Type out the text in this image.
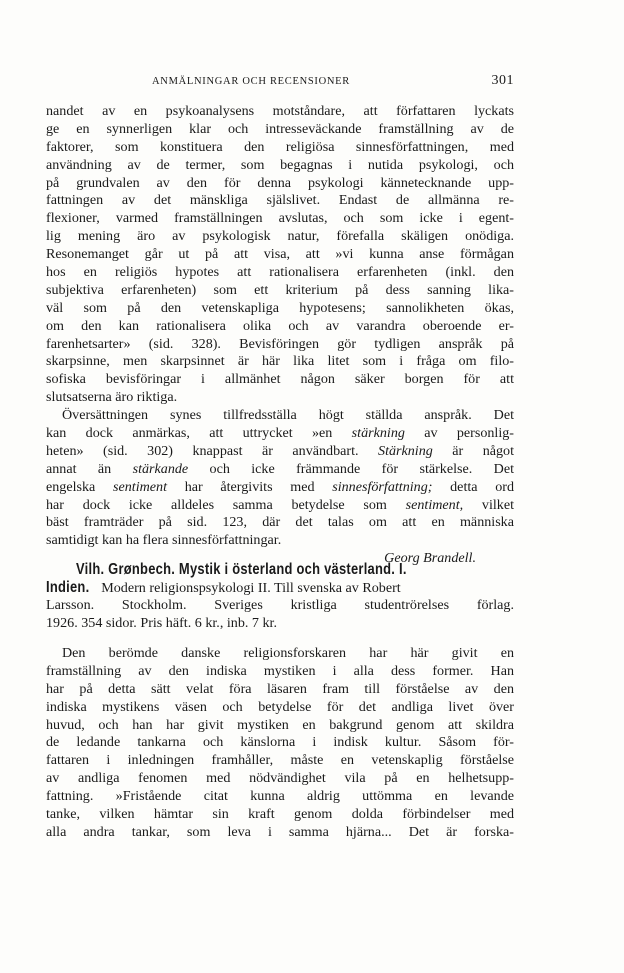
ANMÄLNINGAR OCH RECENSIONER	301
nandet av en psykoanalysens motståndare, att författaren lyckats
ge en synnerligen klar och intresseväckande framställning av de
faktorer, som konstituera den religiösa sinnesförfattningen, med
användning av de termer, som begagnas i nutida psykologi, och
på grundvalen av den för denna psykologi kännetecknande upp-
fattningen av det mänskliga själslivet. Endast de allmänna re-
flexioner, varmed framställningen avslutas, och som icke i egent-
lig mening äro av psykologisk natur, förefalla skäligen onödiga.
Resonemanget går ut på att visa, att »vi kunna anse förmågan
hos en religiös hypotes att rationalisera erfarenheten (inkl. den
subjektiva erfarenheten) som ett kriterium på dess sanning lika-
väl som på den vetenskapliga hypotesens; sannolikheten ökas,
om den kan rationalisera olika och av varandra oberoende er-
farenhetsarter» (sid. 328). Bevisföringen gör tydligen anspråk på
skarpsinne, men skarpsinnet är här lika litet som i fråga om filo-
sofiska bevisföringar i allmänhet någon säker borgen för att
slutsatserna äro riktiga.
Översättningen synes tillfredsställa högt ställda anspråk. Det
kan dock anmärkas, att uttrycket »en stärkning av personlig-
heten» (sid. 302) knappast är användbart. Stärkning är något
annat än stärkande och icke främmande för stärkelse. Det
engelska sentiment har återgivits med sinnesförfattning; detta ord
har dock icke alldeles samma betydelse som sentiment, vilket
bäst framträder på sid. 123, där det talas om att en människa
samtidigt kan ha flera sinnesförfattningar.
Georg Brandell.
Vilh. Grønbech. Mystik i österland och västerland. I.
Indien. Modern religionspsykologi II. Till svenska av Robert
Larsson. Stockholm. Sveriges kristliga studentrörelses förlag.
1926. 354 sidor. Pris häft. 6 kr., inb. 7 kr.
Den berömde danske religionsforskaren har här givit en
framställning av den indiska mystiken i alla dess former. Han
har på detta sätt velat föra läsaren fram till förståelse av den
indiska mystikens väsen och betydelse för det andliga livet över
huvud, och han har givit mystiken en bakgrund genom att skildra
de ledande tankarna och känslorna i indisk kultur. Såsom för-
fattaren i inledningen framhåller, måste en vetenskaplig förståelse
av andliga fenomen med nödvändighet vila på en helhetsupp-
fattning. »Fristående citat kunna aldrig uttömma en levande
tanke, vilken hämtar sin kraft genom dolda förbindelser med
alla andra tankar, som leva i samma hjärna... Det är forska-
